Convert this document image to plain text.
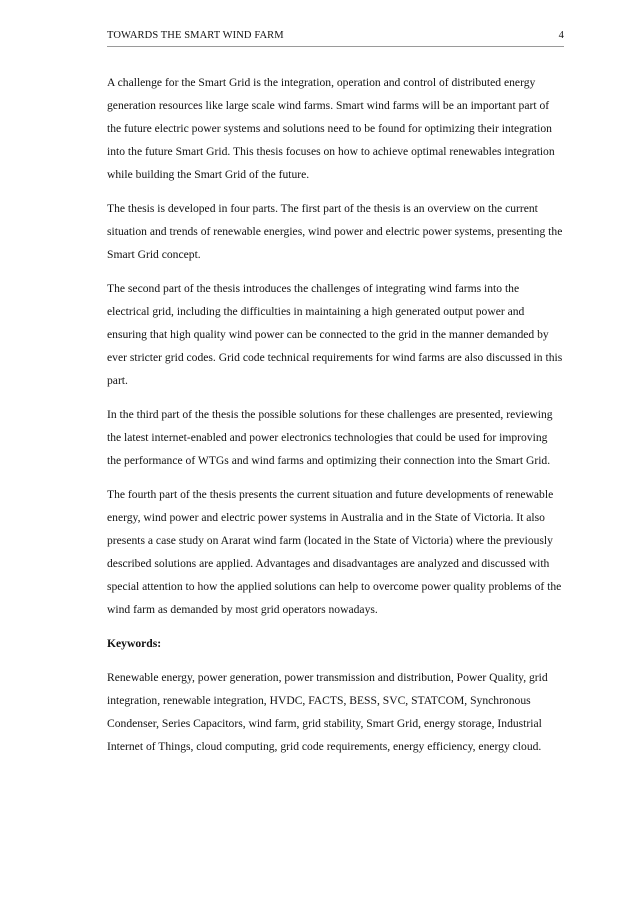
TOWARDS THE SMART WIND FARM	4

A challenge for the Smart Grid is the integration, operation and control of distributed energy generation resources like large scale wind farms. Smart wind farms will be an important part of the future electric power systems and solutions need to be found for optimizing their integration into the future Smart Grid. This thesis focuses on how to achieve optimal renewables integration while building the Smart Grid of the future.

The thesis is developed in four parts. The first part of the thesis is an overview on the current situation and trends of renewable energies, wind power and electric power systems, presenting the Smart Grid concept.

The second part of the thesis introduces the challenges of integrating wind farms into the electrical grid, including the difficulties in maintaining a high generated output power and ensuring that high quality wind power can be connected to the grid in the manner demanded by ever stricter grid codes. Grid code technical requirements for wind farms are also discussed in this part.

In the third part of the thesis the possible solutions for these challenges are presented, reviewing the latest internet-enabled and power electronics technologies that could be used for improving the performance of WTGs and wind farms and optimizing their connection into the Smart Grid.

The fourth part of the thesis presents the current situation and future developments of renewable energy, wind power and electric power systems in Australia and in the State of Victoria. It also presents a case study on Ararat wind farm (located in the State of Victoria) where the previously described solutions are applied. Advantages and disadvantages are analyzed and discussed with special attention to how the applied solutions can help to overcome power quality problems of the wind farm as demanded by most grid operators nowadays.

Keywords:

Renewable energy, power generation, power transmission and distribution, Power Quality, grid integration, renewable integration, HVDC, FACTS, BESS, SVC, STATCOM, Synchronous Condenser, Series Capacitors, wind farm, grid stability, Smart Grid, energy storage, Industrial Internet of Things, cloud computing, grid code requirements, energy efficiency, energy cloud.
